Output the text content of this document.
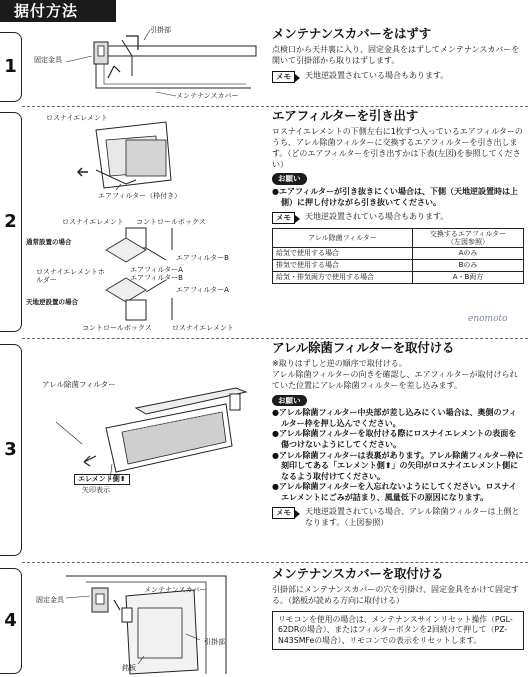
据付方法
1	固定金具
引掛部
メンテナンスカバー
メンテナンスカバーをはずす
点検口から天井裏に入り、固定金具をはずしてメンテナンスカバーを開いて引掛部から取りはずします。
メモ	天地逆設置されている場合もあります。
2
ロスナイエレメント
エアフィルター（枠付き）
ロスナイエレメント コントロールボックス
通常設置の場合
エアフィルターB
ロスナイエレメントホルダー
エアフィルターA
エアフィルターB
エアフィルターA
天地逆設置の場合
コントロールボックス	ロスナイエレメント
エアフィルターを引き出す
ロスナイエレメントの下側左右に1枚ずつ入っているエアフィルターのうち、アレル除菌フィルターに交換するエアフィルターを引き出します。（どのエアフィルターを引き出すかは下表(左図)を参照してください）
お願い
●エアフィルターが引き抜きにくい場合は、下側（天地逆設置時は上側）に押し付けながら引き抜いてください。
メモ	天地逆設置されている場合もあります。
アレル除菌フィルター	交換するエアフィルター
（左図参照）
給気で使用する場合	Aのみ
排気で使用する場合	Bのみ
給気・排気両方で使用する場合	A・B両方
enomoto
3
アレル除菌フィルター
エレメント側⬆
矢印表示
アレル除菌フィルターを取付ける
※取りはずしと逆の順序で取付ける。
アレル除菌フィルターの向きを確認し、エアフィルターが取付けられていた位置にアレル除菌フィルターを差し込みます。
お願い
●アレル除菌フィルター中央部が差し込みにくい場合は、奥側のフィルター枠を押し込んでください。
●アレル除菌フィルターを取付ける際にロスナイエレメントの表面を傷つけないようにしてください。
●アレル除菌フィルターは表裏があります。アレル除菌フィルター枠に刻印してある「エレメント側⬆」の矢印がロスナイエレメント側になるよう取付けてください。
●アレル除菌フィルターを入忘れないようにしてください。ロスナイエレメントにごみが詰まり、風量低下の原因になります。
メモ	天地逆設置されている場合、アレル除菌フィルターは上側となります。（上図参照）
4
固定金具
メンテナンスカバー
引掛部
銘板
メンテナンスカバーを取付ける
引掛部にメンテナンスカバーの穴を引掛け、固定金具をかけて固定する。（銘板が読める方向に取付ける）
リモコンを使用の場合は、メンテナンスサインリセット操作（PGL-62DRの場合）、またはフィルターボタンを2回続けて押して（PZ-N43SMFeの場合）、リモコンでの表示をリセットします。
